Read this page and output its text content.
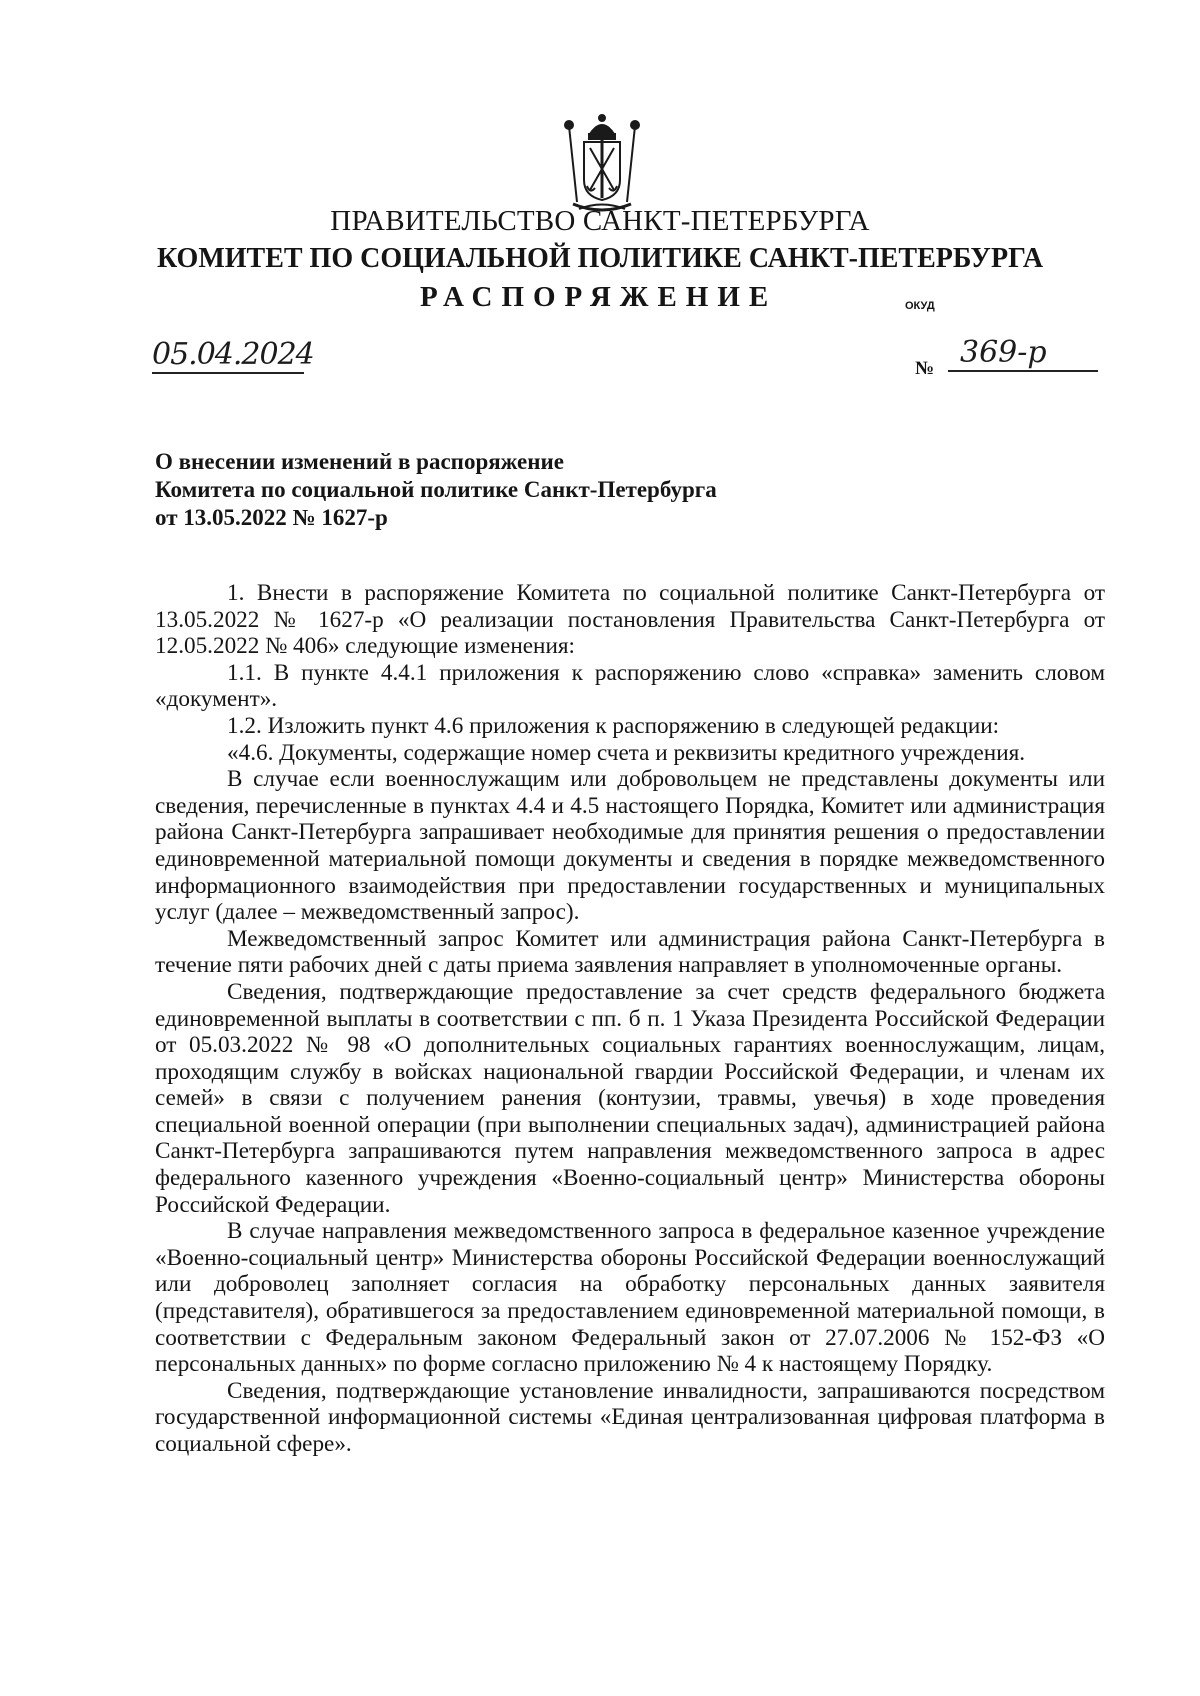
ПРАВИТЕЛЬСТВО САНКТ-ПЕТЕРБУРГА
КОМИТЕТ ПО СОЦИАЛЬНОЙ ПОЛИТИКЕ САНКТ-ПЕТЕРБУРГА
РАСПОРЯЖЕНИЕ	ОКУД
05.04.2024	№ 369-р
О внесении изменений в распоряжение
Комитета по социальной политике Санкт-Петербурга
от 13.05.2022 № 1627-р

1. Внести в распоряжение Комитета по социальной политике Санкт-Петербурга от 13.05.2022 № 1627-р «О реализации постановления Правительства Санкт-Петербурга от 12.05.2022 № 406» следующие изменения:

1.1. В пункте 4.4.1 приложения к распоряжению слово «справка» заменить словом «документ».

1.2. Изложить пункт 4.6 приложения к распоряжению в следующей редакции:

«4.6. Документы, содержащие номер счета и реквизиты кредитного учреждения.

В случае если военнослужащим или добровольцем не представлены документы или сведения, перечисленные в пунктах 4.4 и 4.5 настоящего Порядка, Комитет или администрация района Санкт-Петербурга запрашивает необходимые для принятия решения о предоставлении единовременной материальной помощи документы и сведения в порядке межведомственного информационного взаимодействия при предоставлении государственных и муниципальных услуг (далее – межведомственный запрос).

Межведомственный запрос Комитет или администрация района Санкт-Петербурга в течение пяти рабочих дней с даты приема заявления направляет в уполномоченные органы.

Сведения, подтверждающие предоставление за счет средств федерального бюджета единовременной выплаты в соответствии с пп. б п. 1 Указа Президента Российской Федерации от 05.03.2022 № 98 «О дополнительных социальных гарантиях военнослужащим, лицам, проходящим службу в войсках национальной гвардии Российской Федерации, и членам их семей» в связи с получением ранения (контузии, травмы, увечья) в ходе проведения специальной военной операции (при выполнении специальных задач), администрацией района Санкт-Петербурга запрашиваются путем направления межведомственного запроса в адрес федерального казенного учреждения «Военно-социальный центр» Министерства обороны Российской Федерации.

В случае направления межведомственного запроса в федеральное казенное учреждение «Военно-социальный центр» Министерства обороны Российской Федерации военнослужащий или доброволец заполняет согласия на обработку персональных данных заявителя (представителя), обратившегося за предоставлением единовременной материальной помощи, в соответствии с Федеральным законом Федеральный закон от 27.07.2006 № 152-ФЗ «О персональных данных» по форме согласно приложению № 4 к настоящему Порядку.

Сведения, подтверждающие установление инвалидности, запрашиваются посредством государственной информационной системы «Единая централизованная цифровая платформа в социальной сфере».
